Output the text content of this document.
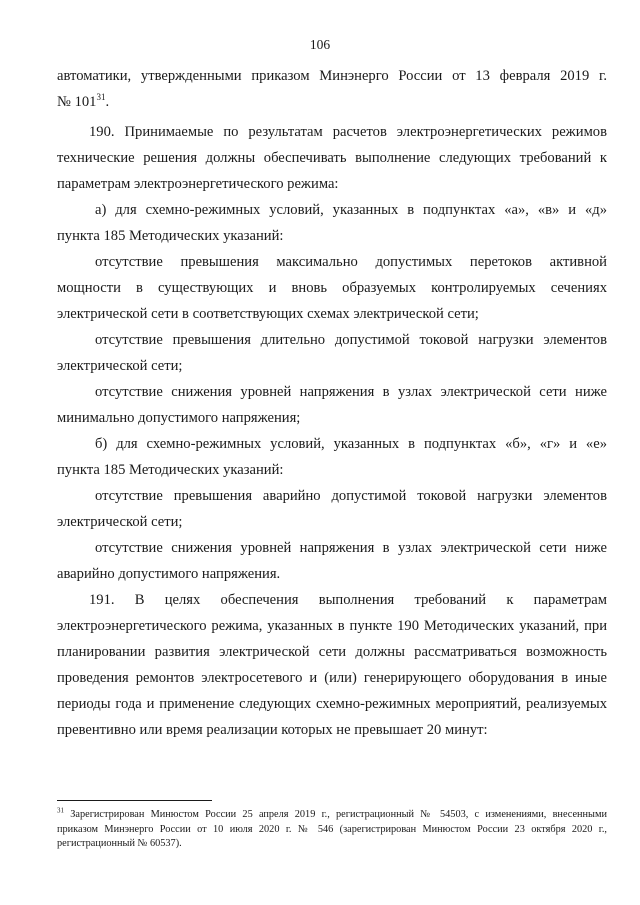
106
автоматики, утвержденными приказом Минэнерго России от 13 февраля 2019 г.
№ $101^{31}$.
190. Принимаемые по результатам расчетов электроэнергетических режимов
технические решения должны обеспечивать выполнение следующих требований к
параметрам электроэнергетического режима:
а) для схемно-режимных условий, указанных в подпунктах «а», «в» и «д»
пункта 185 Методических указаний:
отсутствие превышения максимально допустимых перетоков активной
мощности в существующих и вновь образуемых контролируемых сечениях
электрической сети в соответствующих схемах электрической сети;
отсутствие превышения длительно допустимой токовой нагрузки элементов
электрической сети;
отсутствие снижения уровней напряжения в узлах электрической сети ниже
минимально допустимого напряжения;
б) для схемно-режимных условий, указанных в подпунктах «б», «г» и «е»
пункта 185 Методических указаний:
отсутствие превышения аварийно допустимой токовой нагрузки элементов
электрической сети;
отсутствие снижения уровней напряжения в узлах электрической сети ниже
аварийно допустимого напряжения.
191. В целях обеспечения выполнения требований к параметрам
электроэнергетического режима, указанных в пункте 190 Методических указаний, при
планировании развития электрической сети должны рассматриваться возможность
проведения ремонтов электросетевого и (или) генерирующего оборудования в иные
периоды года и применение следующих схемно-режимных мероприятий, реализуемых
превентивно или время реализации которых не превышает 20 минут:
$^{31}$ Зарегистрирован Минюстом России 25 апреля 2019 г., регистрационный № 54503, с изменениями, внесенными
приказом Минэнерго России от 10 июля 2020 г. № 546 (зарегистрирован Минюстом России 23 октября 2020 г.,
регистрационный № 60537).
